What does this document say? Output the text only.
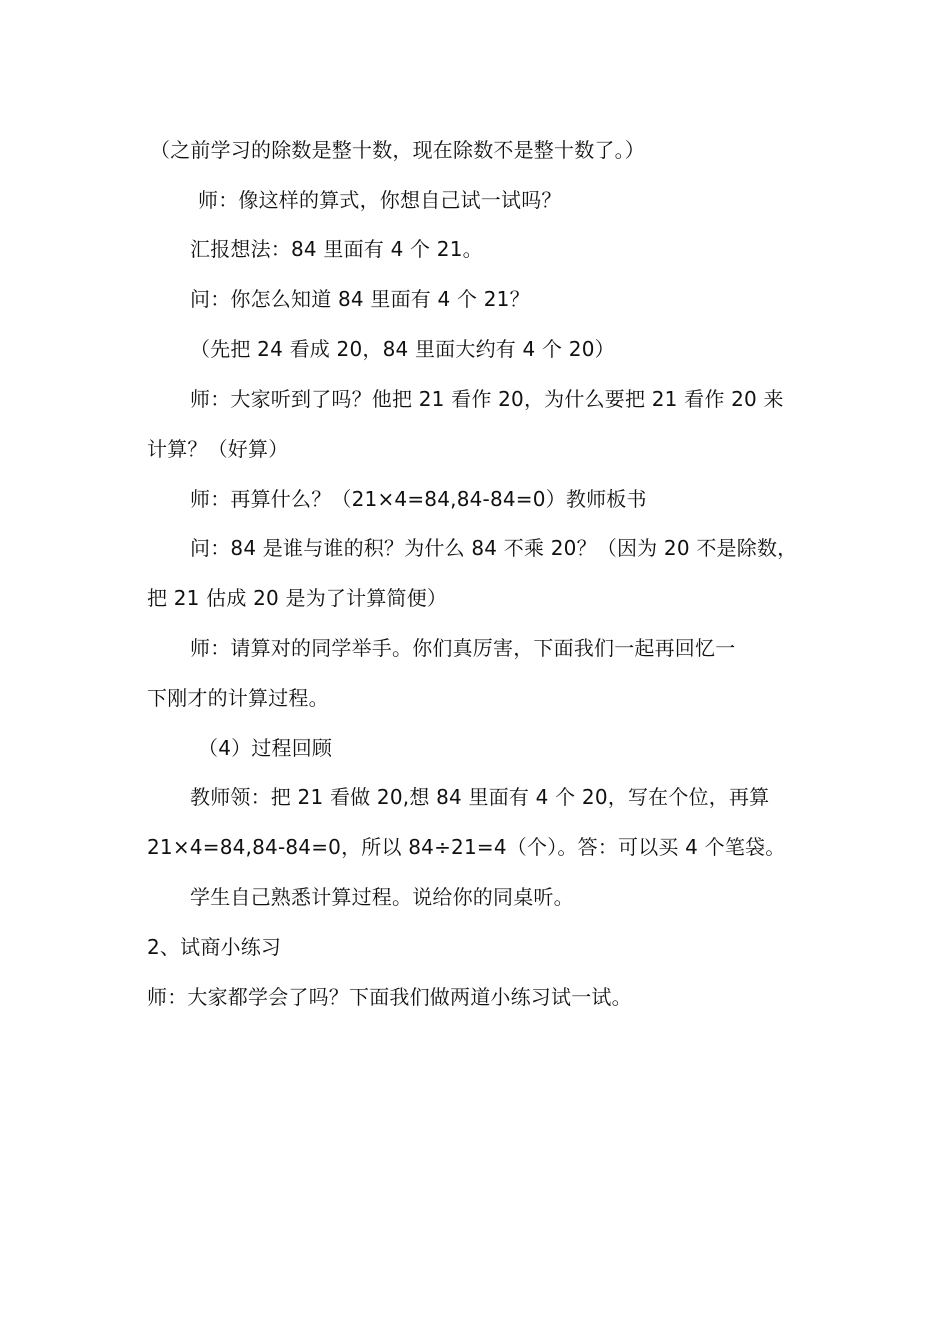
（之前学习的除数是整十数，现在除数不是整十数了。）
师：像这样的算式，你想自己试一试吗？
汇报想法：84 里面有 4 个 21。
问：你怎么知道 84 里面有 4 个 21？
（先把 24 看成 20，84 里面大约有 4 个 20）
师：大家听到了吗？他把 21 看作 20，为什么要把 21 看作 20 来
计算？（好算）
师：再算什么？（21×4=84,84-84=0）教师板书
问：84 是谁与谁的积？为什么 84 不乘 20？（因为 20 不是除数，
把 21 估成 20 是为了计算简便）
师：请算对的同学举手。你们真厉害，下面我们一起再回忆一
下刚才的计算过程。
（4）过程回顾
教师领：把 21 看做 20,想 84 里面有 4 个 20，写在个位，再算
21×4=84,84-84=0，所以 84÷21=4（个）。答：可以买 4 个笔袋。
学生自己熟悉计算过程。说给你的同桌听。
2、试商小练习
师：大家都学会了吗？下面我们做两道小练习试一试。
